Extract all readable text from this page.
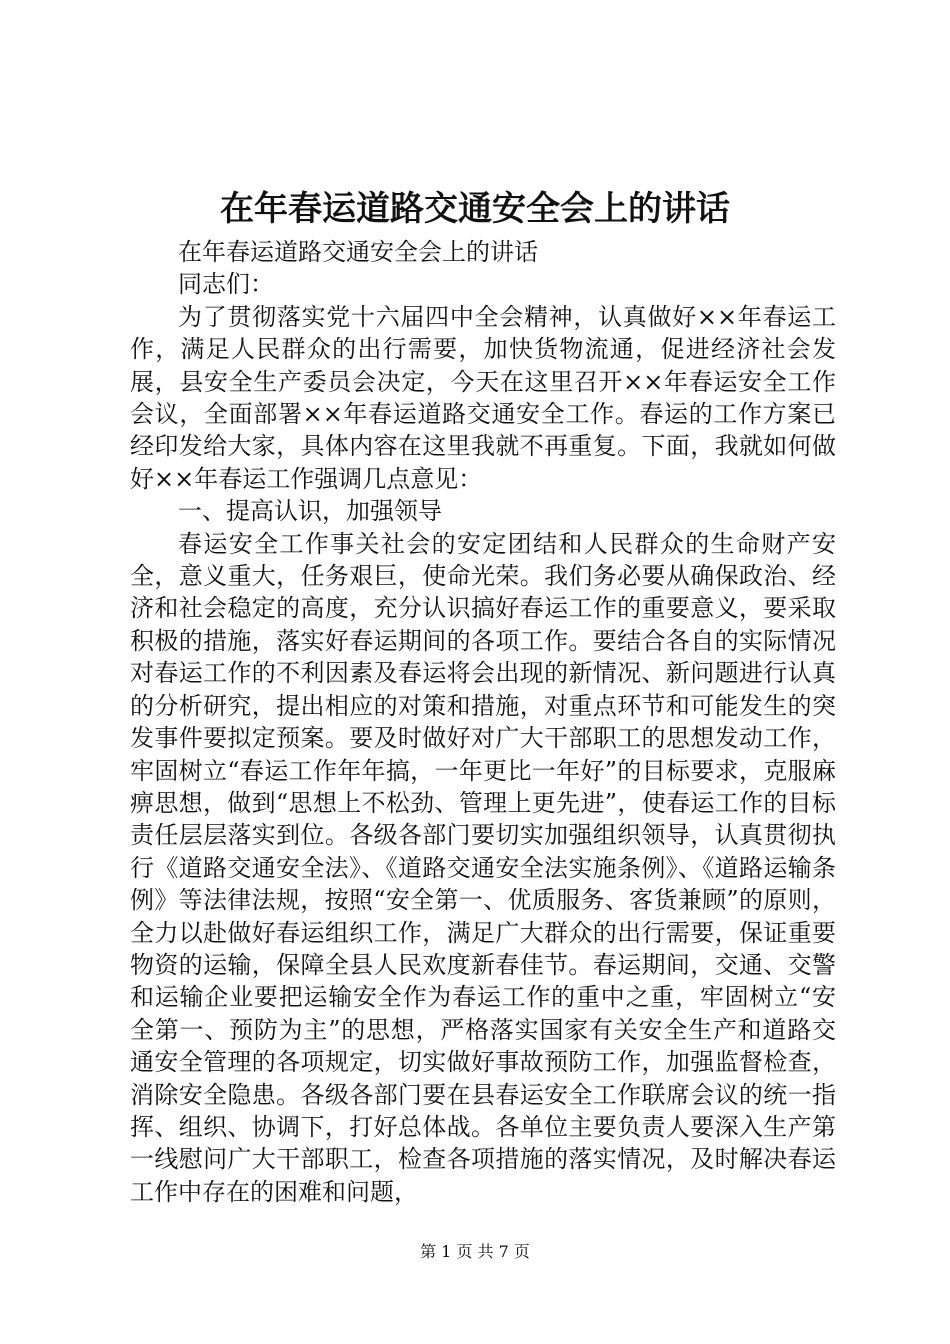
在年春运道路交通安全会上的讲话

在年春运道路交通安全会上的讲话

同志们：

为了贯彻落实党十六届四中全会精神，认真做好××年春运工作，满足人民群众的出行需要，加快货物流通，促进经济社会发展，县安全生产委员会决定，今天在这里召开××年春运安全工作会议，全面部署××年春运道路交通安全工作。春运的工作方案已经印发给大家，具体内容在这里我就不再重复。下面，我就如何做好××年春运工作强调几点意见：

一、提高认识，加强领导

春运安全工作事关社会的安定团结和人民群众的生命财产安全，意义重大，任务艰巨，使命光荣。我们务必要从确保政治、经济和社会稳定的高度，充分认识搞好春运工作的重要意义，要采取积极的措施，落实好春运期间的各项工作。要结合各自的实际情况对春运工作的不利因素及春运将会出现的新情况、新问题进行认真的分析研究，提出相应的对策和措施，对重点环节和可能发生的突发事件要拟定预案。要及时做好对广大干部职工的思想发动工作，牢固树立“春运工作年年搞，一年更比一年好”的目标要求，克服麻痹思想，做到“思想上不松劲、管理上更先进”，使春运工作的目标责任层层落实到位。各级各部门要切实加强组织领导，认真贯彻执行《道路交通安全法》、《道路交通安全法实施条例》、《道路运输条例》等法律法规，按照“安全第一、优质服务、客货兼顾”的原则，全力以赴做好春运组织工作，满足广大群众的出行需要，保证重要物资的运输，保障全县人民欢度新春佳节。春运期间，交通、交警和运输企业要把运输安全作为春运工作的重中之重，牢固树立“安全第一、预防为主”的思想，严格落实国家有关安全生产和道路交通安全管理的各项规定，切实做好事故预防工作，加强监督检查，消除安全隐患。各级各部门要在县春运安全工作联席会议的统一指挥、组织、协调下，打好总体战。各单位主要负责人要深入生产第一线慰问广大干部职工，检查各项措施的落实情况，及时解决春运工作中存在的困难和问题，

第 1 页 共 7 页
